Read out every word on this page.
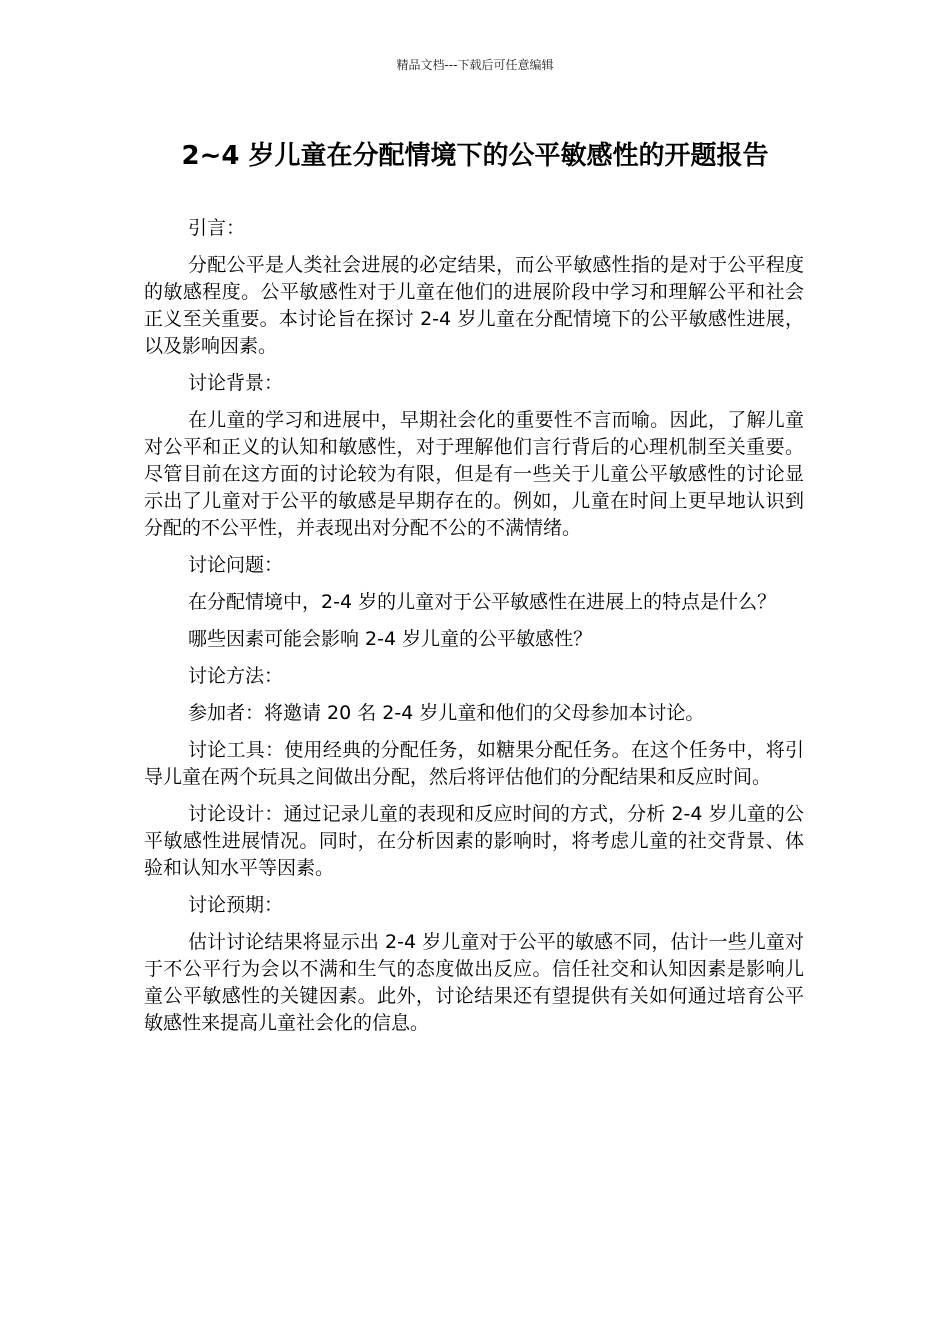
精品文档---下载后可任意编辑
2~4 岁儿童在分配情境下的公平敏感性的开题报告

引言：

分配公平是人类社会进展的必定结果，而公平敏感性指的是对于公平程度的敏感程度。公平敏感性对于儿童在他们的进展阶段中学习和理解公平和社会正义至关重要。本讨论旨在探讨 2-4 岁儿童在分配情境下的公平敏感性进展，以及影响因素。

讨论背景：

在儿童的学习和进展中，早期社会化的重要性不言而喻。因此，了解儿童对公平和正义的认知和敏感性，对于理解他们言行背后的心理机制至关重要。尽管目前在这方面的讨论较为有限，但是有一些关于儿童公平敏感性的讨论显示出了儿童对于公平的敏感是早期存在的。例如，儿童在时间上更早地认识到分配的不公平性，并表现出对分配不公的不满情绪。

讨论问题：

在分配情境中，2-4 岁的儿童对于公平敏感性在进展上的特点是什么？

哪些因素可能会影响 2-4 岁儿童的公平敏感性？

讨论方法：

参加者：将邀请 20 名 2-4 岁儿童和他们的父母参加本讨论。

讨论工具：使用经典的分配任务，如糖果分配任务。在这个任务中，将引导儿童在两个玩具之间做出分配，然后将评估他们的分配结果和反应时间。

讨论设计：通过记录儿童的表现和反应时间的方式，分析 2-4 岁儿童的公平敏感性进展情况。同时，在分析因素的影响时，将考虑儿童的社交背景、体验和认知水平等因素。

讨论预期：

估计讨论结果将显示出 2-4 岁儿童对于公平的敏感不同，估计一些儿童对于不公平行为会以不满和生气的态度做出反应。信任社交和认知因素是影响儿童公平敏感性的关键因素。此外，讨论结果还有望提供有关如何通过培育公平敏感性来提高儿童社会化的信息。
